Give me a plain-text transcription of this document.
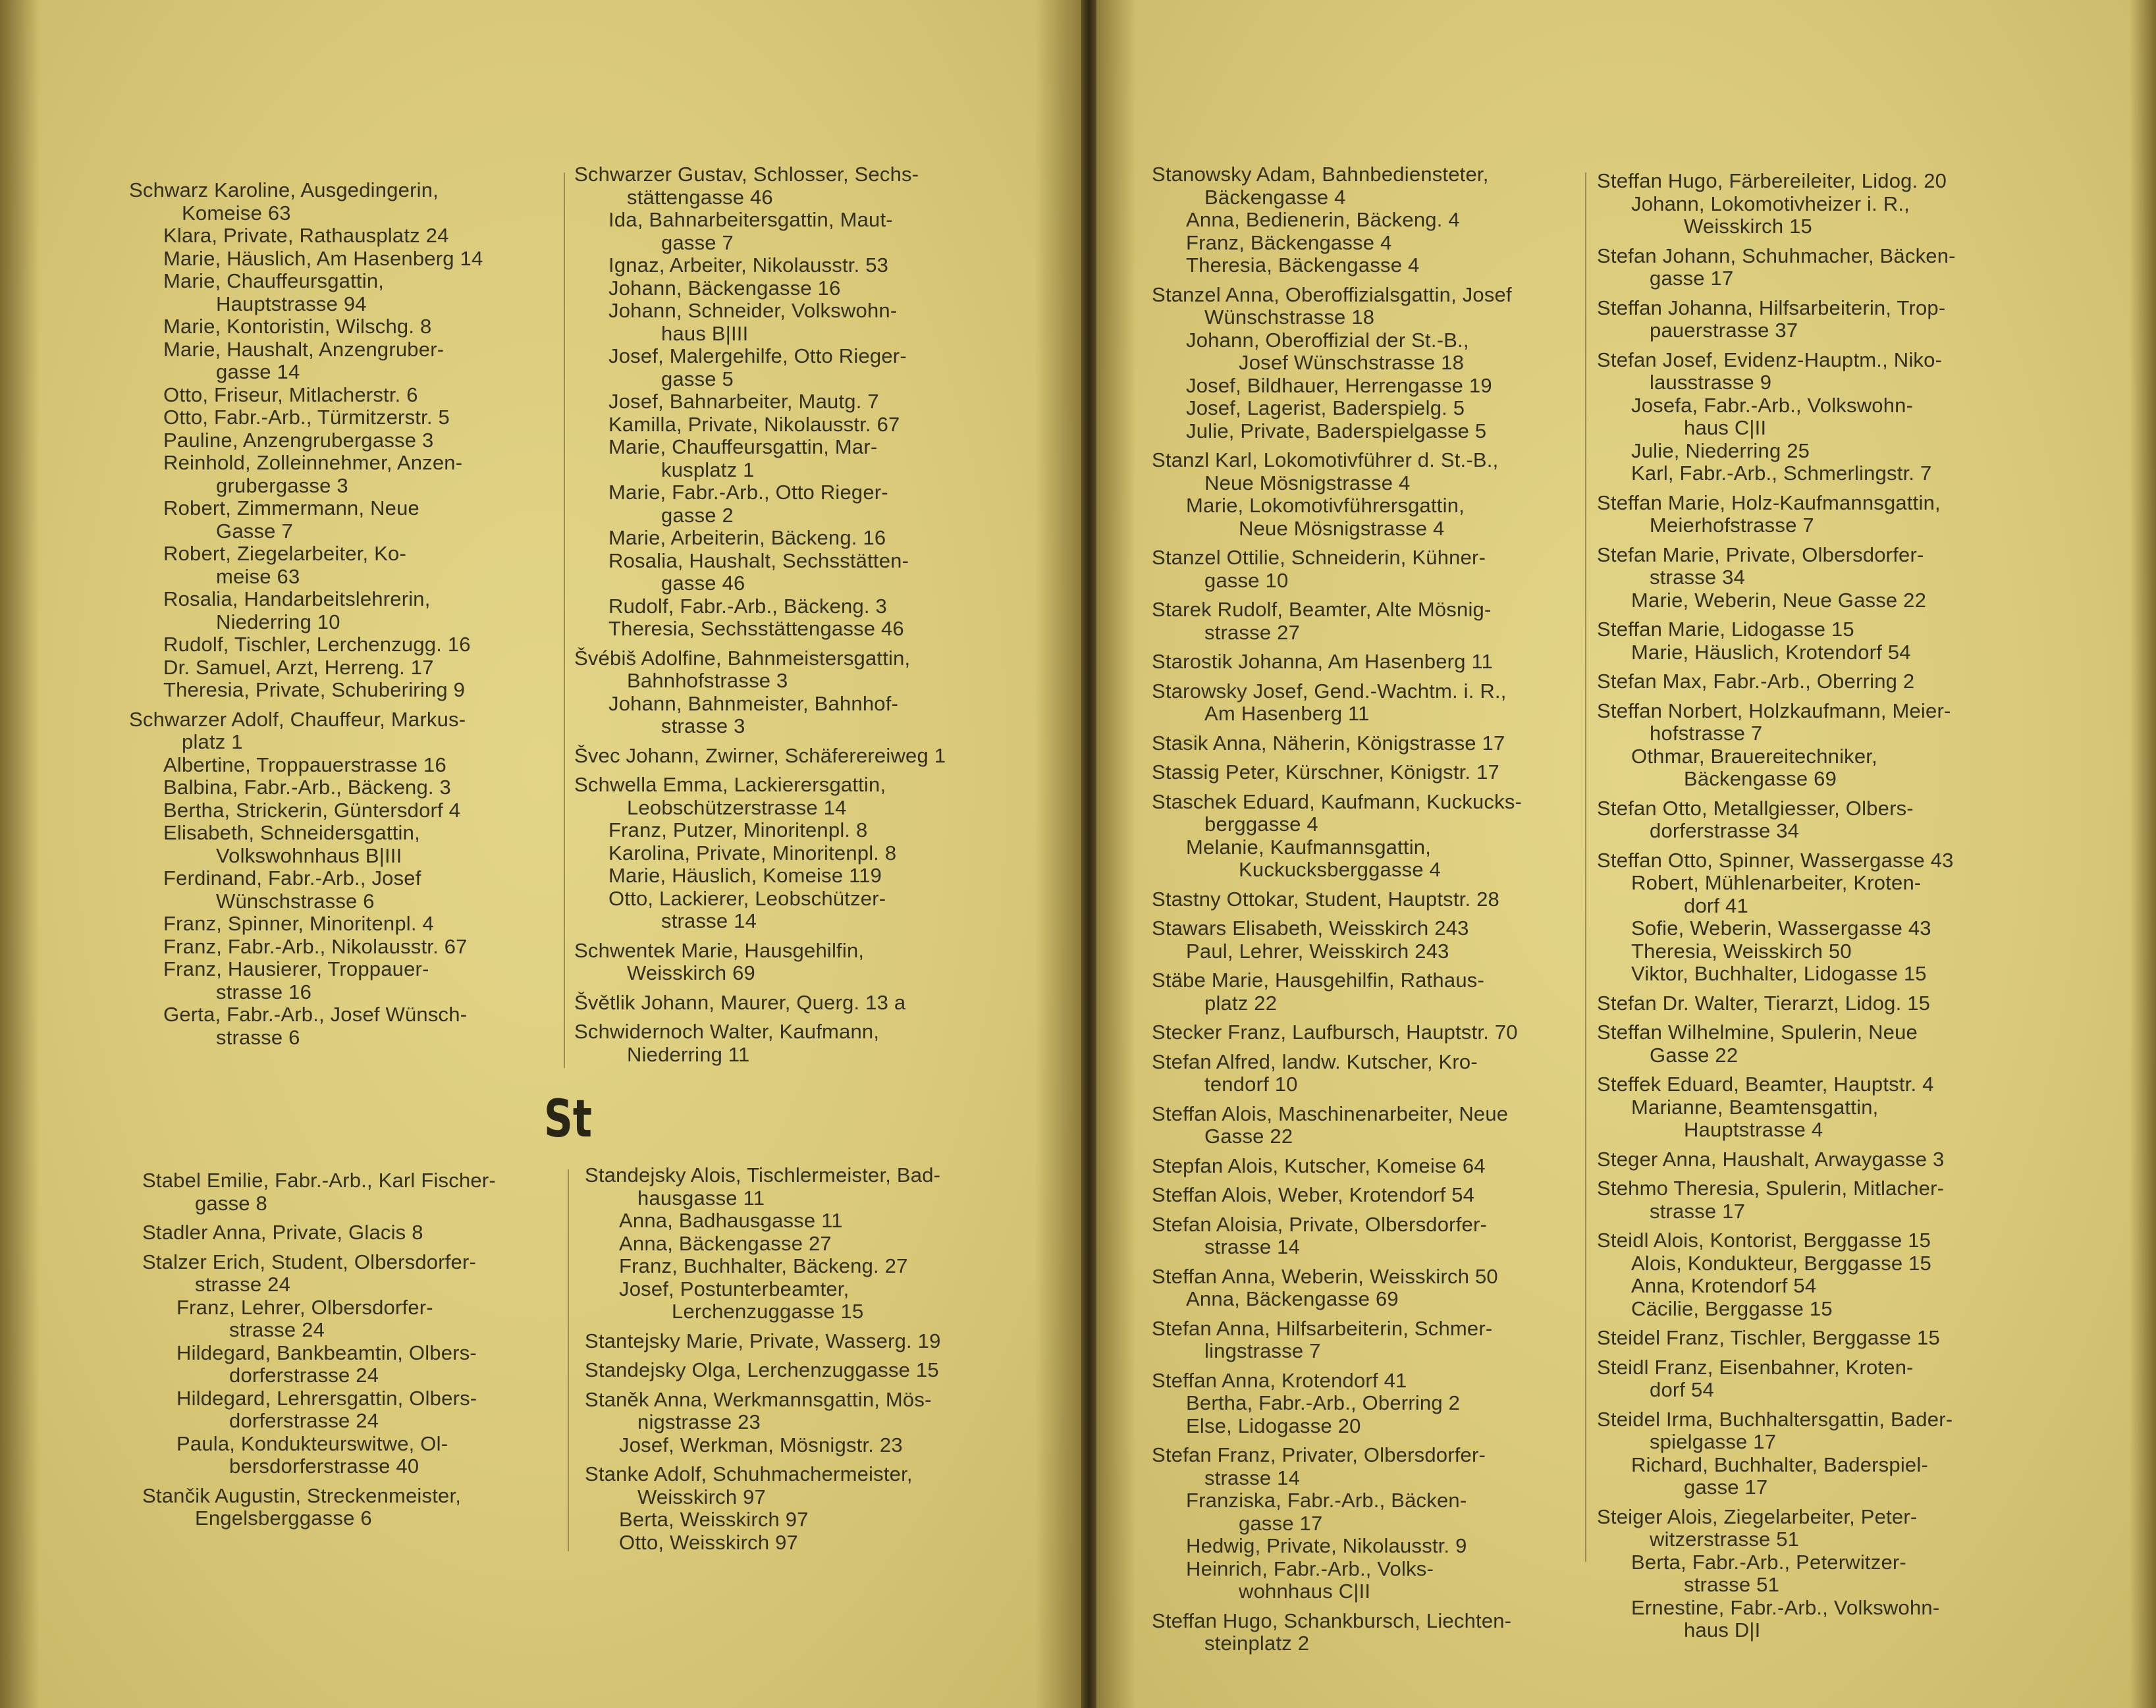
Schwarz Karoline, Ausgedingerin,
Komeise 63
Klara, Private, Rathausplatz 24
Marie, Häuslich, Am Hasenberg 14
Marie, Chauffeursgattin,
Hauptstrasse 94
Marie, Kontoristin, Wilschg. 8
Marie, Haushalt, Anzengruber-
gasse 14
Otto, Friseur, Mitlacherstr. 6
Otto, Fabr.-Arb., Türmitzerstr. 5
Pauline, Anzengrubergasse 3
Reinhold, Zolleinnehmer, Anzen-
grubergasse 3
Robert, Zimmermann, Neue
Gasse 7
Robert, Ziegelarbeiter, Ko-
meise 63
Rosalia, Handarbeitslehrerin,
Niederring 10
Rudolf, Tischler, Lerchenzugg. 16
Dr. Samuel, Arzt, Herreng. 17
Theresia, Private, Schuberiring 9
Schwarzer Adolf, Chauffeur, Markus-
platz 1
Albertine, Troppauerstrasse 16
Balbina, Fabr.-Arb., Bäckeng. 3
Bertha, Strickerin, Güntersdorf 4
Elisabeth, Schneidersgattin,
Volkswohnhaus B|III
Ferdinand, Fabr.-Arb., Josef
Wünschstrasse 6
Franz, Spinner, Minoritenpl. 4
Franz, Fabr.-Arb., Nikolausstr. 67
Franz, Hausierer, Troppauer-
strasse 16
Gerta, Fabr.-Arb., Josef Wünsch-
strasse 6
Schwarzer Gustav, Schlosser, Sechs-
stättengasse 46
Ida, Bahnarbeitersgattin, Maut-
gasse 7
Ignaz, Arbeiter, Nikolausstr. 53
Johann, Bäckengasse 16
Johann, Schneider, Volkswohn-
haus B|III
Josef, Malergehilfe, Otto Rieger-
gasse 5
Josef, Bahnarbeiter, Mautg. 7
Kamilla, Private, Nikolausstr. 67
Marie, Chauffeursgattin, Mar-
kusplatz 1
Marie, Fabr.-Arb., Otto Rieger-
gasse 2
Marie, Arbeiterin, Bäckeng. 16
Rosalia, Haushalt, Sechsstätten-
gasse 46
Rudolf, Fabr.-Arb., Bäckeng. 3
Theresia, Sechsstättengasse 46
Švébiš Adolfine, Bahnmeistersgattin,
Bahnhofstrasse 3
Johann, Bahnmeister, Bahnhof-
strasse 3
Švec Johann, Zwirner, Schäferereiweg 1
Schwella Emma, Lackierersgattin,
Leobschützerstrasse 14
Franz, Putzer, Minoritenpl. 8
Karolina, Private, Minoritenpl. 8
Marie, Häuslich, Komeise 119
Otto, Lackierer, Leobschützer-
strasse 14
Schwentek Marie, Hausgehilfin,
Weisskirch 69
Švětlik Johann, Maurer, Querg. 13 a
Schwidernoch Walter, Kaufmann,
Niederring 11
St
Stabel Emilie, Fabr.-Arb., Karl Fischer-
gasse 8
Stadler Anna, Private, Glacis 8
Stalzer Erich, Student, Olbersdorfer-
strasse 24
Franz, Lehrer, Olbersdorfer-
strasse 24
Hildegard, Bankbeamtin, Olbers-
dorferstrasse 24
Hildegard, Lehrersgattin, Olbers-
dorferstrasse 24
Paula, Kondukteurswitwe, Ol-
bersdorferstrasse 40
Stančik Augustin, Streckenmeister,
Engelsberggasse 6
Standejsky Alois, Tischlermeister, Bad-
hausgasse 11
Anna, Badhausgasse 11
Anna, Bäckengasse 27
Franz, Buchhalter, Bäckeng. 27
Josef, Postunterbeamter,
Lerchenzuggasse 15
Stantejsky Marie, Private, Wasserg. 19
Standejsky Olga, Lerchenzuggasse 15
Staněk Anna, Werkmannsgattin, Mös-
nigstrasse 23
Josef, Werkman, Mösnigstr. 23
Stanke Adolf, Schuhmachermeister,
Weisskirch 97
Berta, Weisskirch 97
Otto, Weisskirch 97
Stanowsky Adam, Bahnbediensteter,
Bäckengasse 4
Anna, Bedienerin, Bäckeng. 4
Franz, Bäckengasse 4
Theresia, Bäckengasse 4
Stanzel Anna, Oberoffizialsgattin, Josef
Wünschstrasse 18
Johann, Oberoffizial der St.-B.,
Josef Wünschstrasse 18
Josef, Bildhauer, Herrengasse 19
Josef, Lagerist, Baderspielg. 5
Julie, Private, Baderspielgasse 5
Stanzl Karl, Lokomotivführer d. St.-B.,
Neue Mösnigstrasse 4
Marie, Lokomotivführersgattin,
Neue Mösnigstrasse 4
Stanzel Ottilie, Schneiderin, Kühner-
gasse 10
Starek Rudolf, Beamter, Alte Mösnig-
strasse 27
Starostik Johanna, Am Hasenberg 11
Starowsky Josef, Gend.-Wachtm. i. R.,
Am Hasenberg 11
Stasik Anna, Näherin, Königstrasse 17
Stassig Peter, Kürschner, Königstr. 17
Staschek Eduard, Kaufmann, Kuckucks-
berggasse 4
Melanie, Kaufmannsgattin,
Kuckucksberggasse 4
Stastny Ottokar, Student, Hauptstr. 28
Stawars Elisabeth, Weisskirch 243
Paul, Lehrer, Weisskirch 243
Stäbe Marie, Hausgehilfin, Rathaus-
platz 22
Stecker Franz, Laufbursch, Hauptstr. 70
Stefan Alfred, landw. Kutscher, Kro-
tendorf 10
Steffan Alois, Maschinenarbeiter, Neue
Gasse 22
Stepfan Alois, Kutscher, Komeise 64
Steffan Alois, Weber, Krotendorf 54
Stefan Aloisia, Private, Olbersdorfer-
strasse 14
Steffan Anna, Weberin, Weisskirch 50
Anna, Bäckengasse 69
Stefan Anna, Hilfsarbeiterin, Schmer-
lingstrasse 7
Steffan Anna, Krotendorf 41
Bertha, Fabr.-Arb., Oberring 2
Else, Lidogasse 20
Stefan Franz, Privater, Olbersdorfer-
strasse 14
Franziska, Fabr.-Arb., Bäcken-
gasse 17
Hedwig, Private, Nikolausstr. 9
Heinrich, Fabr.-Arb., Volks-
wohnhaus C|II
Steffan Hugo, Schankbursch, Liechten-
steinplatz 2
Steffan Hugo, Färbereileiter, Lidog. 20
Johann, Lokomotivheizer i. R.,
Weisskirch 15
Stefan Johann, Schuhmacher, Bäcken-
gasse 17
Steffan Johanna, Hilfsarbeiterin, Trop-
pauerstrasse 37
Stefan Josef, Evidenz-Hauptm., Niko-
lausstrasse 9
Josefa, Fabr.-Arb., Volkswohn-
haus C|II
Julie, Niederring 25
Karl, Fabr.-Arb., Schmerlingstr. 7
Steffan Marie, Holz-Kaufmannsgattin,
Meierhofstrasse 7
Stefan Marie, Private, Olbersdorfer-
strasse 34
Marie, Weberin, Neue Gasse 22
Steffan Marie, Lidogasse 15
Marie, Häuslich, Krotendorf 54
Stefan Max, Fabr.-Arb., Oberring 2
Steffan Norbert, Holzkaufmann, Meier-
hofstrasse 7
Othmar, Brauereitechniker,
Bäckengasse 69
Stefan Otto, Metallgiesser, Olbers-
dorferstrasse 34
Steffan Otto, Spinner, Wassergasse 43
Robert, Mühlenarbeiter, Kroten-
dorf 41
Sofie, Weberin, Wassergasse 43
Theresia, Weisskirch 50
Viktor, Buchhalter, Lidogasse 15
Stefan Dr. Walter, Tierarzt, Lidog. 15
Steffan Wilhelmine, Spulerin, Neue
Gasse 22
Steffek Eduard, Beamter, Hauptstr. 4
Marianne, Beamtensgattin,
Hauptstrasse 4
Steger Anna, Haushalt, Arwaygasse 3
Stehmo Theresia, Spulerin, Mitlacher-
strasse 17
Steidl Alois, Kontorist, Berggasse 15
Alois, Kondukteur, Berggasse 15
Anna, Krotendorf 54
Cäcilie, Berggasse 15
Steidel Franz, Tischler, Berggasse 15
Steidl Franz, Eisenbahner, Kroten-
dorf 54
Steidel Irma, Buchhaltersgattin, Bader-
spielgasse 17
Richard, Buchhalter, Baderspiel-
gasse 17
Steiger Alois, Ziegelarbeiter, Peter-
witzerstrasse 51
Berta, Fabr.-Arb., Peterwitzer-
strasse 51
Ernestine, Fabr.-Arb., Volkswohn-
haus D|I
